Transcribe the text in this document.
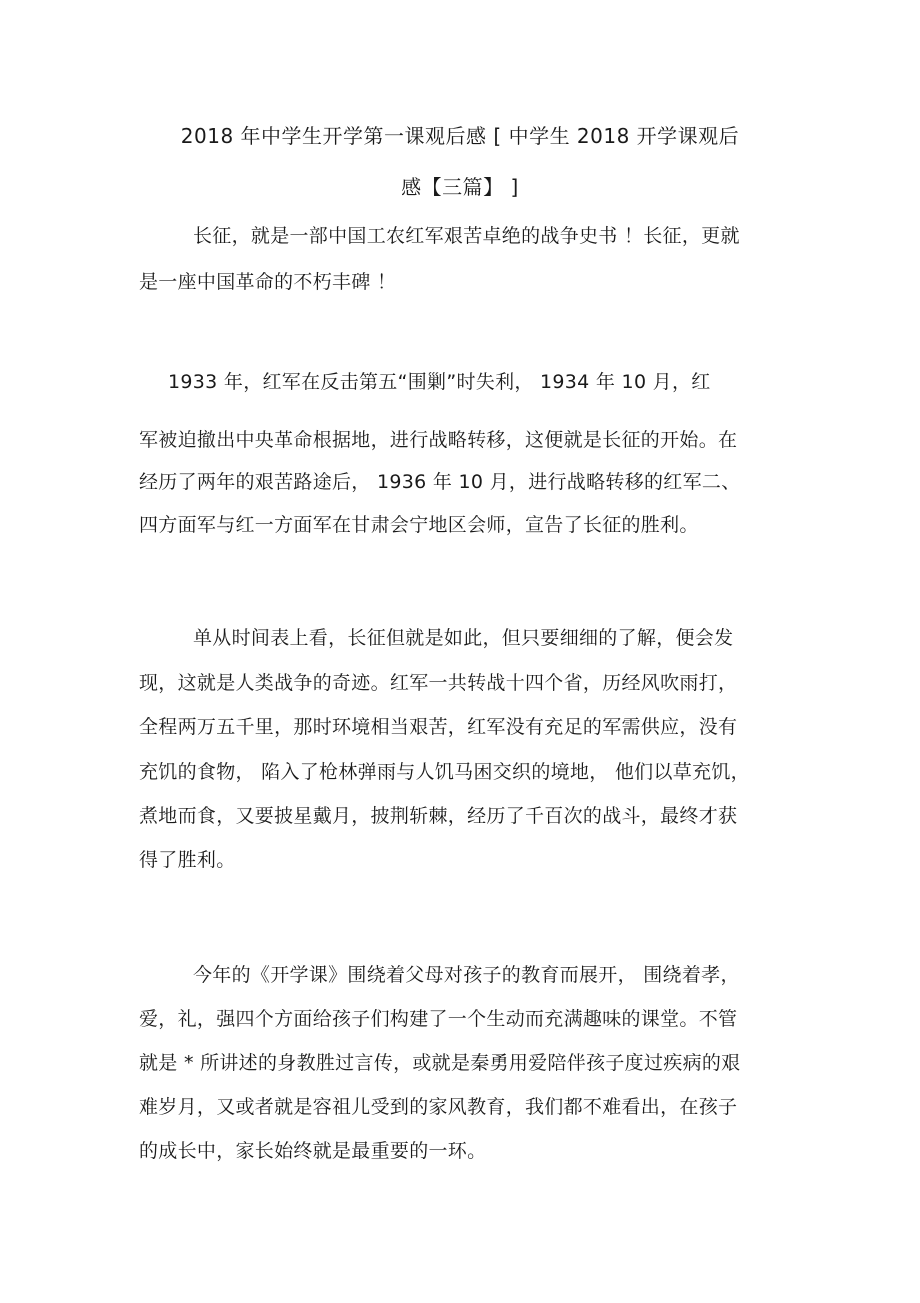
2018 年中学生开学第一课观后感 [ 中学生 2018 开学课观后
感【三篇】 ]
长征，就是一部中国工农红军艰苦卓绝的战争史书 ！长征，更就
是一座中国革命的不朽丰碑 ！
1933 年，红军在反击第五“围剿”时失利， 1934 年 10 月，红
军被迫撤出中央革命根据地，进行战略转移，这便就是长征的开始。在
经历了两年的艰苦路途后， 1936 年 10 月，进行战略转移的红军二、
四方面军与红一方面军在甘肃会宁地区会师，宣告了长征的胜利。
单从时间表上看，长征但就是如此，但只要细细的了解，便会发
现，这就是人类战争的奇迹。红军一共转战十四个省，历经风吹雨打，
全程两万五千里，那时环境相当艰苦，红军没有充足的军需供应，没有
充饥的食物， 陷入了枪林弹雨与人饥马困交织的境地， 他们以草充饥，
煮地而食，又要披星戴月，披荆斩棘，经历了千百次的战斗，最终才获
得了胜利。
今年的《开学课》围绕着父母对孩子的教育而展开， 围绕着孝，
爱，礼，强四个方面给孩子们构建了一个生动而充满趣味的课堂。不管
就是 * 所讲述的身教胜过言传，或就是秦勇用爱陪伴孩子度过疾病的艰
难岁月，又或者就是容祖儿受到的家风教育，我们都不难看出，在孩子
的成长中，家长始终就是最重要的一环。
